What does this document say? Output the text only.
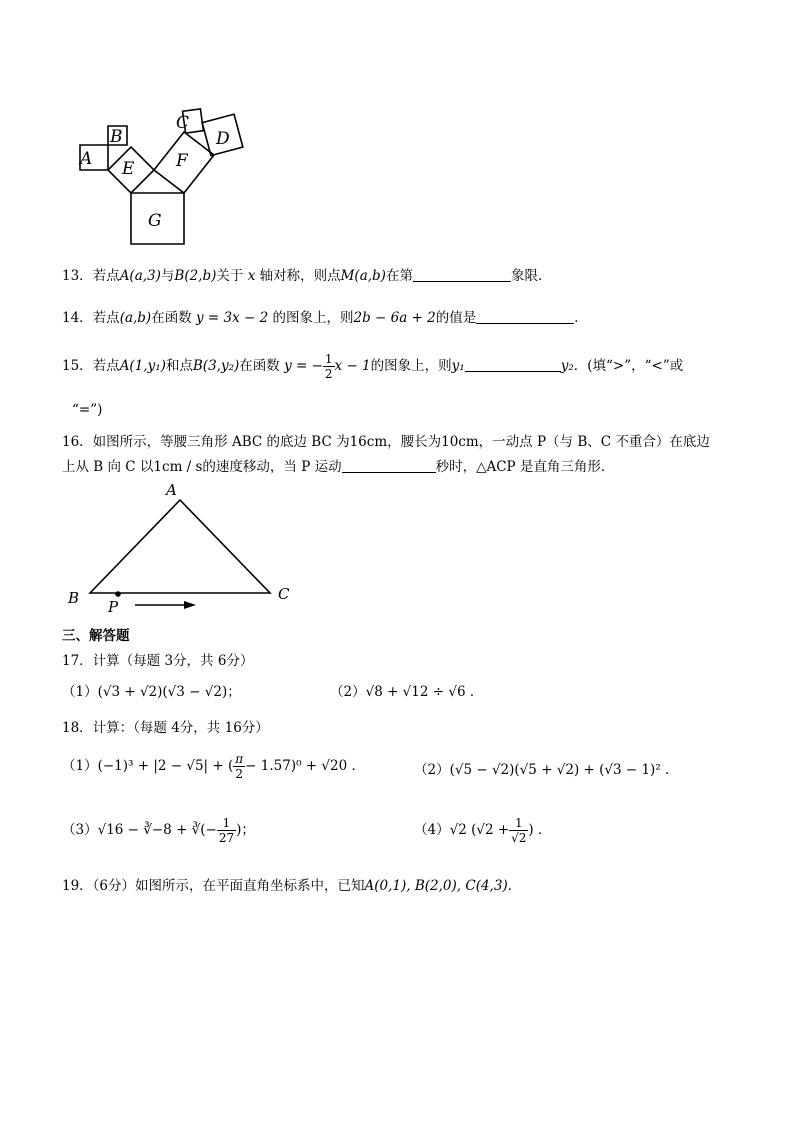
A
B
C
D
E F
G
13．若点A(a,3)与B(2,b)关于 x 轴对称，则点M(a,b)在第	象限．
14．若点(a,b)在函数 y = 3x − 2 的图象上，则2b − 6a + 2的值是	．
15．若点A(1,y₁)和点B(3,y₂)在函数 y = − $\frac{1}{2}$ x − 1的图象上，则y₁	y₂．(填“>”，“<”或
“=”)
16．如图所示，等腰三角形 ABC 的底边 BC 为16cm，腰长为10cm，一动点 P（与 B、C 不重合）在底边
上从 B 向 C 以1cm / s的速度移动，当 P 运动	秒时，△ACP 是直角三角形．
A
B	C
P
三、解答题
17．计算（每题 3分，共 6分）
（1）(√3 + √2)(√3 − √2)；	（2）√8 + √12 ÷ √6 ．
18．计算：（每题 4分，共 16分）
（1）(−1)³ + |2 − √5| + ( $\frac{\pi}{2} - 1.57)^0 + √20$ ．	（2）(√5 − √2)(√5 + √2) + (√3 − 1)² ．
（3）√16 − ∛−8 + ∛(− $\frac{1}{27}$ )；	（4）√2 ($√2 + \frac{1}{√2}$ ) ．
19．（6分）如图所示，在平面直角坐标系中，已知A(0,1), B(2,0), C(4,3)．
